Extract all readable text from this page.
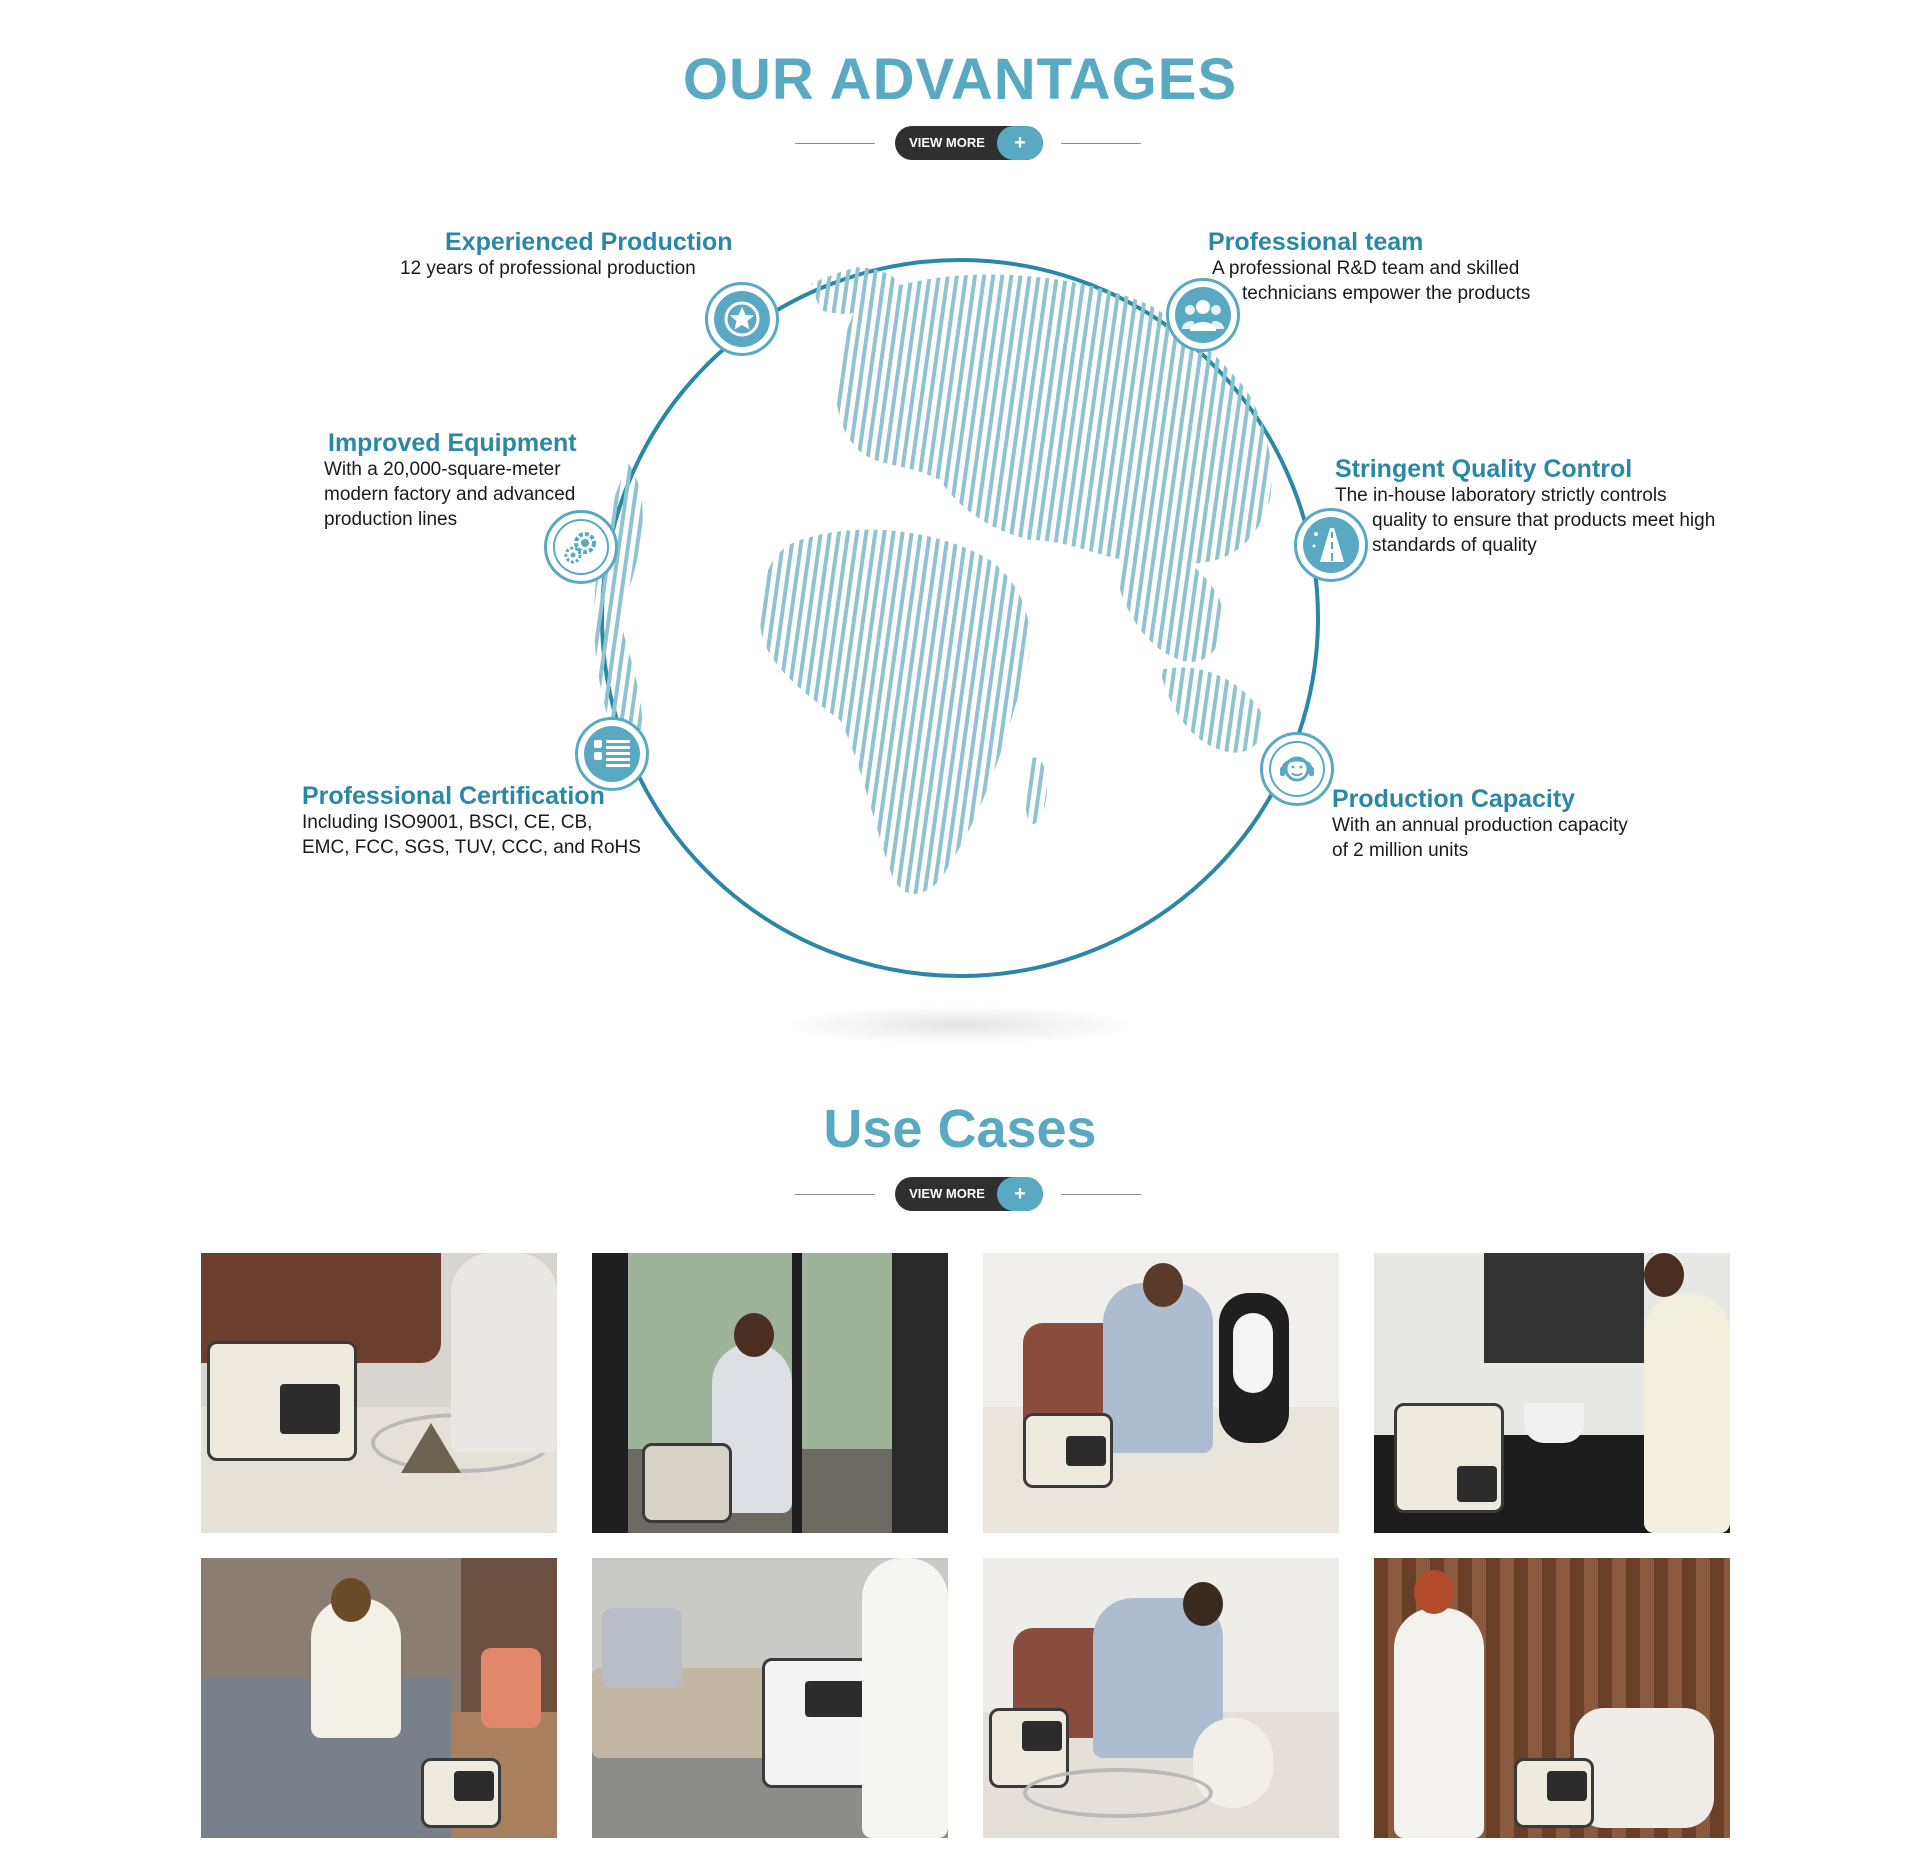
OUR ADVANTAGES
VIEW MORE	+
Experienced Production
12 years of professional production
Professional team
A professional R&D team and skilled
technicians empower the products
Improved Equipment
With a 20,000-square-meter
modern factory and advanced
production lines
Stringent Quality Control
The in-house laboratory strictly controls
quality to ensure that products meet high
standards of quality
Professional Certification
Including ISO9001, BSCI, CE, CB,
EMC, FCC, SGS, TUV, CCC, and RoHS
Production Capacity
With an annual production capacity
of 2 million units
Use Cases
VIEW MORE	+
